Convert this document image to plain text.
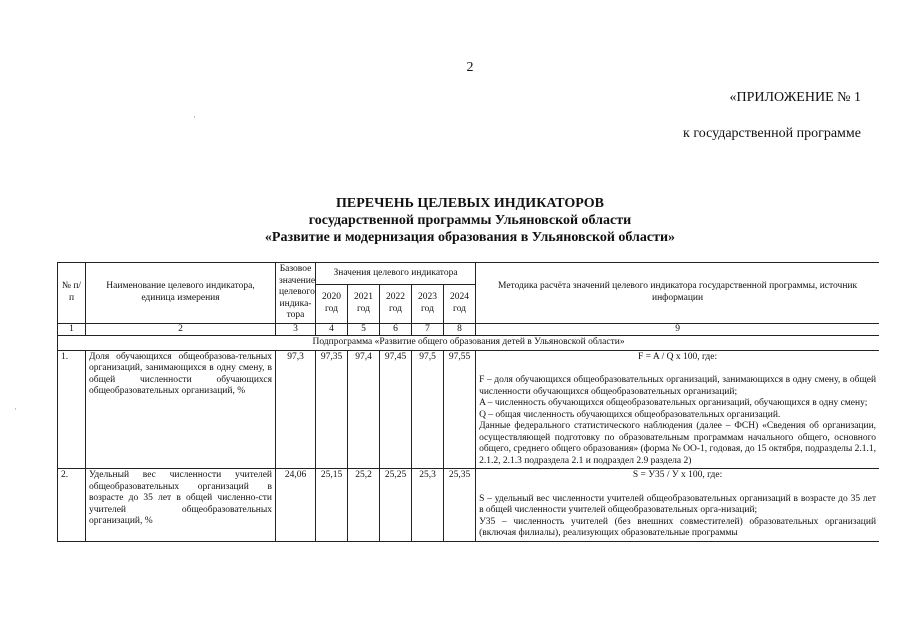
2
«ПРИЛОЖЕНИЕ № 1
к государственной программе
ПЕРЕЧЕНЬ ЦЕЛЕВЫХ ИНДИКАТОРОВ
государственной программы Ульяновской области
«Развитие и модернизация образования в Ульяновской области»
·
·
№ п/п	Наименование целевого индикатора, единица измерения	Базовое значение целевого индика-тора	Значения целевого индикатора					Методика расчёта значений целевого индикатора государственной программы, источник информации
			2020 год	2021 год	2022 год	2023 год	2024 год	
1	2	3	4	5	6	7	8	9
Подпрограмма «Развитие общего образования детей в Ульяновской области»								
1.	Доля обучающихся общеобразова-тельных организаций, занимающихся в одну смену, в общей численности обучающихся общеобразовательных организаций, %	97,3	97,35	97,4	97,45	97,5	97,55	F = A / Q х 100, где:

F – доля обучающихся общеобразовательных организаций, занимающихся в одну смену, в общей численности обучающихся общеобразовательных организаций;

A – численность обучающихся общеобразовательных организаций, обучающихся в одну смену;

Q – общая численность обучающихся общеобразовательных организаций.

Данные федерального статистического наблюдения (далее – ФСН) «Сведения об организации, осуществляющей подготовку по образовательным программам начального общего, основного общего, среднего общего образования» (форма № ОО-1, годовая, до 15 октября, подразделы 2.1.1, 2.1.2, 2.1.3 подраздела 2.1 и подраздел 2.9 раздела 2)

2.	Удельный вес численности учителей общеобразовательных организаций в возрасте до 35 лет в общей численно-сти учителей общеобразовательных организаций, %	24,06	25,15	25,2	25,25	25,3	25,35	S = У35 / У х 100, где:

S – удельный вес численности учителей общеобразовательных организаций в возрасте до 35 лет в общей численности учителей общеобразовательных орга-низаций;

У35 – численность учителей (без внешних совместителей) образовательных организаций (включая филиалы), реализующих образовательные программы
